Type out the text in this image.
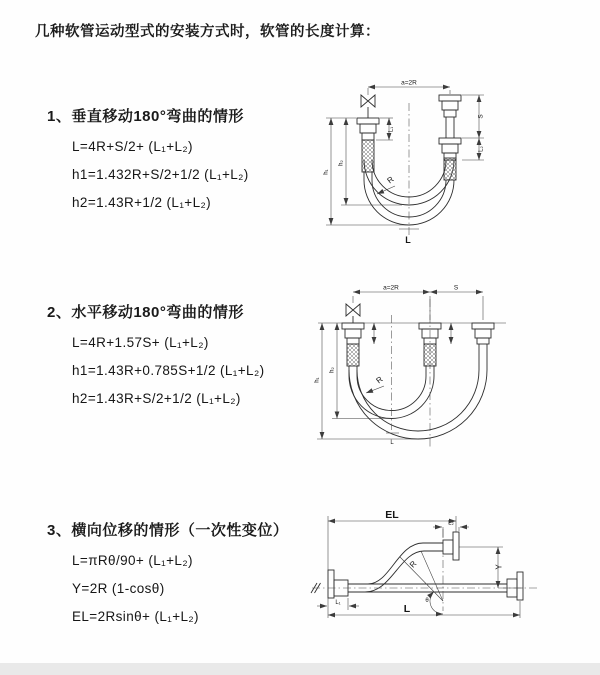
几种软管运动型式的安装方式时，软管的长度计算：
1、垂直移动180°弯曲的情形

L=4R+S/2+ (L₁+L₂)

h1=1.432R+S/2+1/2 (L₁+L₂)

h2=1.43R+1/2 (L₁+L₂)

2、水平移动180°弯曲的情形

L=4R+1.57S+ (L₁+L₂)

h1=1.43R+0.785S+1/2 (L₁+L₂)

h2=1.43R+S/2+1/2 (L₁+L₂)

3、横向位移的情形（一次性变位）

L=πRθ/90+ (L₁+L₂)

Y=2R (1-cosθ)

EL=2Rsinθ+ (L₁+L₂)

a=2R
L₁
S
L₂
h₁
h₂
R
L
a=2R	S
h₁
h₂
R
L
EL
L₂
Y
L₁	L
R
θ
